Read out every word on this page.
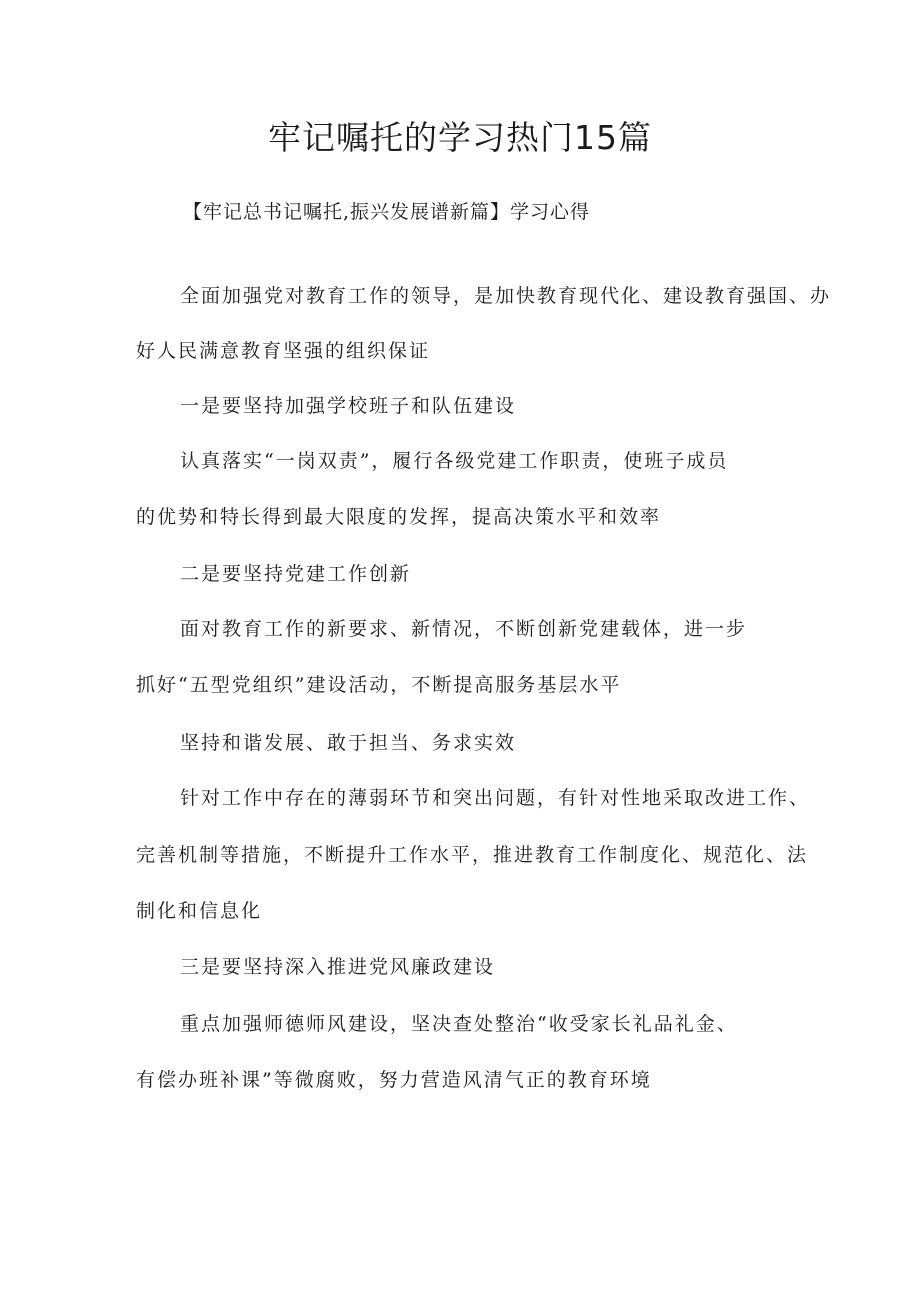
牢记嘱托的学习热门15篇
【牢记总书记嘱托,振兴发展谱新篇】学习心得
全面加强党对教育工作的领导，是加快教育现代化、建设教育强国、办
好人民满意教育坚强的组织保证
一是要坚持加强学校班子和队伍建设
认真落实“一岗双责”，履行各级党建工作职责，使班子成员
的优势和特长得到最大限度的发挥，提高决策水平和效率
二是要坚持党建工作创新
面对教育工作的新要求、新情况，不断创新党建载体，进一步
抓好“五型党组织”建设活动，不断提高服务基层水平
坚持和谐发展、敢于担当、务求实效
针对工作中存在的薄弱环节和突出问题，有针对性地采取改进工作、
完善机制等措施，不断提升工作水平，推进教育工作制度化、规范化、法
制化和信息化
三是要坚持深入推进党风廉政建设
重点加强师德师风建设，坚决查处整治“收受家长礼品礼金、
有偿办班补课”等微腐败，努力营造风清气正的教育环境
